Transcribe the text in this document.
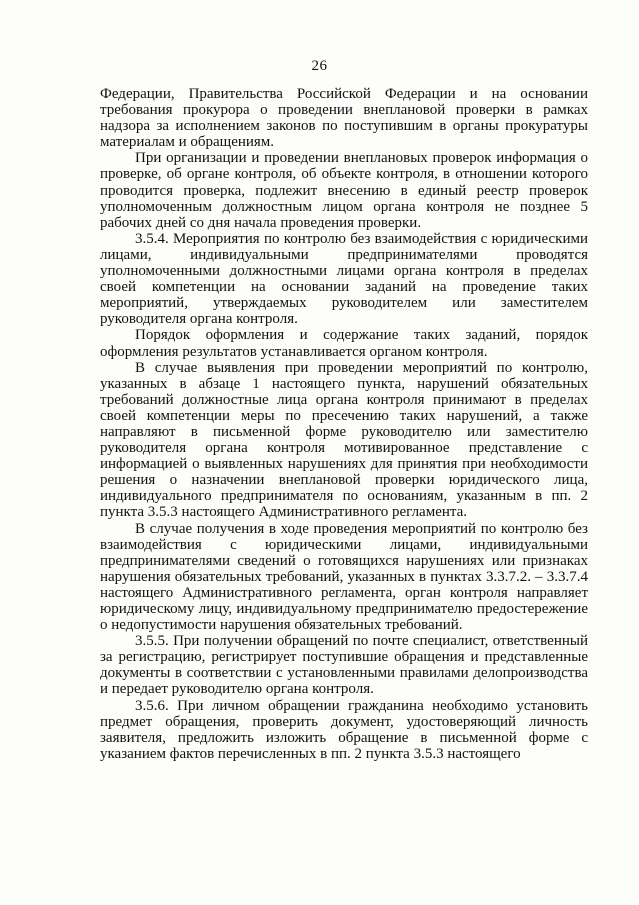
26

Федерации, Правительства Российской Федерации и на основании требования прокурора о проведении внеплановой проверки в рамках надзора за исполнением законов по поступившим в органы прокуратуры материалам и обращениям.

При организации и проведении внеплановых проверок информация о проверке, об органе контроля, об объекте контроля, в отношении которого проводится проверка, подлежит внесению в единый реестр проверок уполномоченным должностным лицом органа контроля не позднее 5 рабочих дней со дня начала проведения проверки.

3.5.4. Мероприятия по контролю без взаимодействия с юридическими лицами, индивидуальными предпринимателями проводятся уполномоченными должностными лицами органа контроля в пределах своей компетенции на основании заданий на проведение таких мероприятий, утверждаемых руководителем или заместителем руководителя органа контроля.

Порядок оформления и содержание таких заданий, порядок оформления результатов устанавливается органом контроля.

В случае выявления при проведении мероприятий по контролю, указанных в абзаце 1 настоящего пункта, нарушений обязательных требований должностные лица органа контроля принимают в пределах своей компетенции меры по пресечению таких нарушений, а также направляют в письменной форме руководителю или заместителю руководителя органа контроля мотивированное представление с информацией о выявленных нарушениях для принятия при необходимости решения о назначении внеплановой проверки юридического лица, индивидуального предпринимателя по основаниям, указанным в пп. 2 пункта 3.5.3 настоящего Административного регламента.

В случае получения в ходе проведения мероприятий по контролю без взаимодействия с юридическими лицами, индивидуальными предпринимателями сведений о готовящихся нарушениях или признаках нарушения обязательных требований, указанных в пунктах 3.3.7.2. – 3.3.7.4 настоящего Административного регламента, орган контроля направляет юридическому лицу, индивидуальному предпринимателю предостережение о недопустимости нарушения обязательных требований.

3.5.5. При получении обращений по почте специалист, ответственный за регистрацию, регистрирует поступившие обращения и представленные документы в соответствии с установленными правилами делопроизводства и передает руководителю органа контроля.

3.5.6. При личном обращении гражданина необходимо установить предмет обращения, проверить документ, удостоверяющий личность заявителя, предложить изложить обращение в письменной форме с указанием фактов перечисленных в пп. 2 пункта 3.5.3 настоящего
